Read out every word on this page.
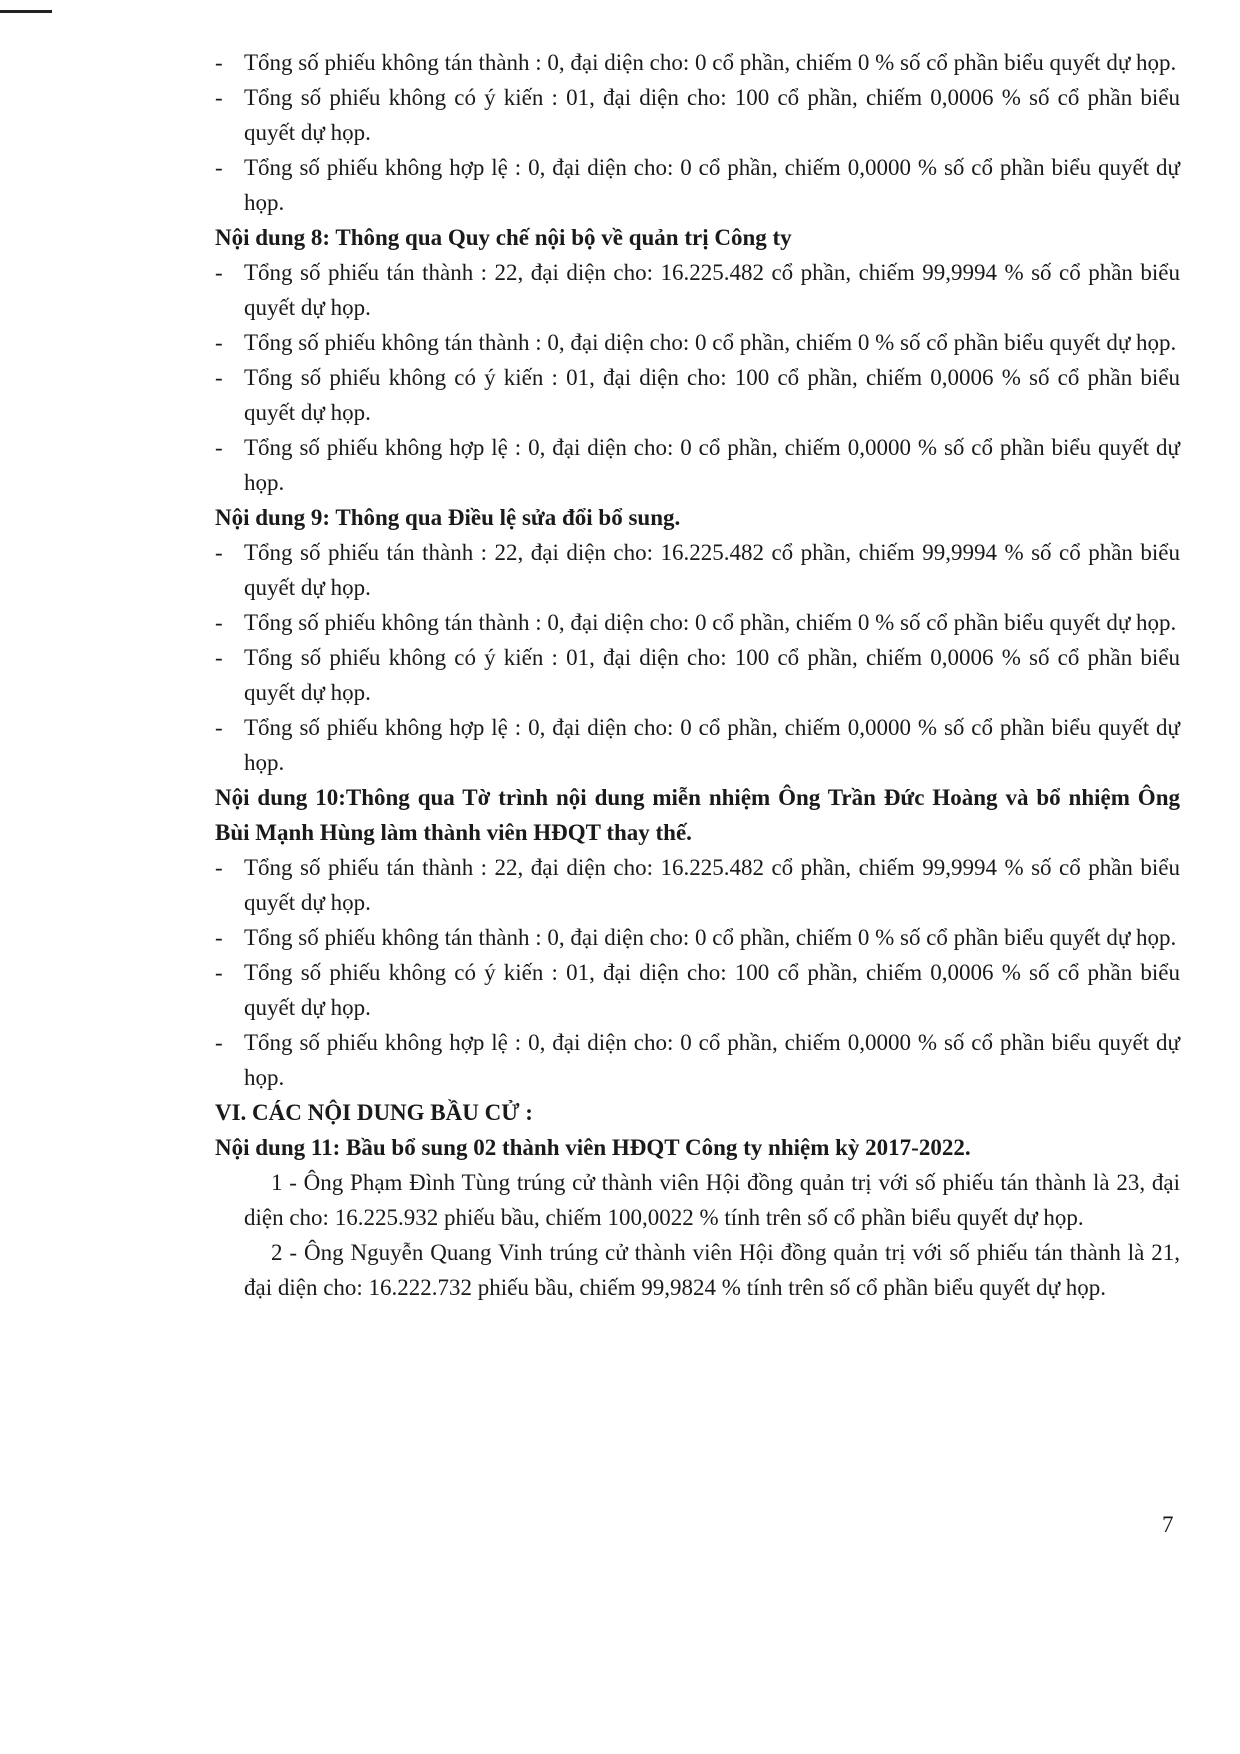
- Tổng số phiếu không tán thành : 0, đại diện cho: 0 cổ phần, chiếm 0 % số cổ phần biểu quyết dự họp.
- Tổng số phiếu không có ý kiến : 01, đại diện cho: 100 cổ phần, chiếm 0,0006 % số cổ phần biểu quyết dự họp.
- Tổng số phiếu không hợp lệ : 0, đại diện cho: 0 cổ phần, chiếm 0,0000 % số cổ phần biểu quyết dự họp.
Nội dung 8: Thông qua Quy chế nội bộ về quản trị Công ty
- Tổng số phiếu tán thành : 22, đại diện cho: 16.225.482 cổ phần, chiếm 99,9994 % số cổ phần biểu quyết dự họp.
- Tổng số phiếu không tán thành : 0, đại diện cho: 0 cổ phần, chiếm 0 % số cổ phần biểu quyết dự họp.
- Tổng số phiếu không có ý kiến : 01, đại diện cho: 100 cổ phần, chiếm 0,0006 % số cổ phần biểu quyết dự họp.
- Tổng số phiếu không hợp lệ : 0, đại diện cho: 0 cổ phần, chiếm 0,0000 % số cổ phần biểu quyết dự họp.
Nội dung 9: Thông qua Điều lệ sửa đổi bổ sung.
- Tổng số phiếu tán thành : 22, đại diện cho: 16.225.482 cổ phần, chiếm 99,9994 % số cổ phần biểu quyết dự họp.
- Tổng số phiếu không tán thành : 0, đại diện cho: 0 cổ phần, chiếm 0 % số cổ phần biểu quyết dự họp.
- Tổng số phiếu không có ý kiến : 01, đại diện cho: 100 cổ phần, chiếm 0,0006 % số cổ phần biểu quyết dự họp.
- Tổng số phiếu không hợp lệ : 0, đại diện cho: 0 cổ phần, chiếm 0,0000 % số cổ phần biểu quyết dự họp.
Nội dung 10:Thông qua Tờ trình nội dung miễn nhiệm Ông Trần Đức Hoàng và bổ nhiệm Ông Bùi Mạnh Hùng làm thành viên HĐQT thay thế.
- Tổng số phiếu tán thành : 22, đại diện cho: 16.225.482 cổ phần, chiếm 99,9994 % số cổ phần biểu quyết dự họp.
- Tổng số phiếu không tán thành : 0, đại diện cho: 0 cổ phần, chiếm 0 % số cổ phần biểu quyết dự họp.
- Tổng số phiếu không có ý kiến : 01, đại diện cho: 100 cổ phần, chiếm 0,0006 % số cổ phần biểu quyết dự họp.
- Tổng số phiếu không hợp lệ : 0, đại diện cho: 0 cổ phần, chiếm 0,0000 % số cổ phần biểu quyết dự họp.
VI. CÁC NỘI DUNG BẦU CỬ :
Nội dung 11: Bầu bổ sung 02 thành viên HĐQT Công ty nhiệm kỳ 2017-2022.
1 - Ông Phạm Đình Tùng trúng cử thành viên Hội đồng quản trị với số phiếu tán thành là 23, đại diện cho: 16.225.932 phiếu bầu, chiếm 100,0022 % tính trên số cổ phần biểu quyết dự họp.
2 - Ông Nguyễn Quang Vinh trúng cử thành viên Hội đồng quản trị với số phiếu tán thành là 21, đại diện cho: 16.222.732 phiếu bầu, chiếm 99,9824 % tính trên số cổ phần biểu quyết dự họp.
7
